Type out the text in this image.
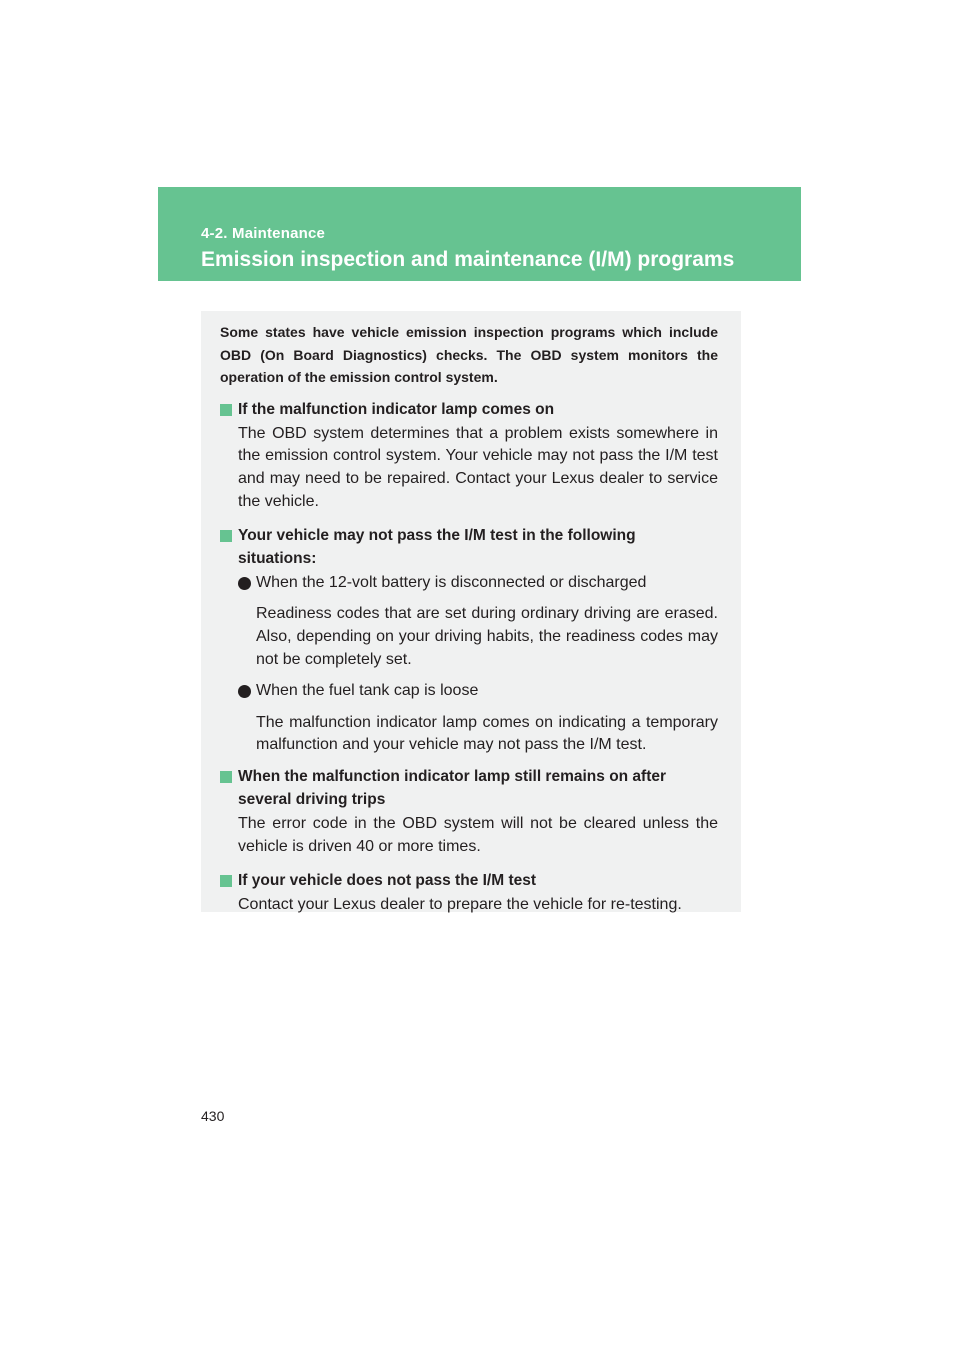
4-2. Maintenance
Emission inspection and maintenance (I/M) programs

Some states have vehicle emission inspection programs which include OBD (On Board Diagnostics) checks. The OBD system monitors the operation of the emission control system.

If the malfunction indicator lamp comes on

The OBD system determines that a problem exists somewhere in the emission control system. Your vehicle may not pass the I/M test and may need to be repaired. Contact your Lexus dealer to service the vehicle.

Your vehicle may not pass the I/M test in the following situations:

When the 12-volt battery is disconnected or discharged

Readiness codes that are set during ordinary driving are erased. Also, depending on your driving habits, the readiness codes may not be completely set.

When the fuel tank cap is loose

The malfunction indicator lamp comes on indicating a temporary malfunction and your vehicle may not pass the I/M test.

When the malfunction indicator lamp still remains on after several driving trips

The error code in the OBD system will not be cleared unless the vehicle is driven 40 or more times.

If your vehicle does not pass the I/M test

Contact your Lexus dealer to prepare the vehicle for re-testing.

430
